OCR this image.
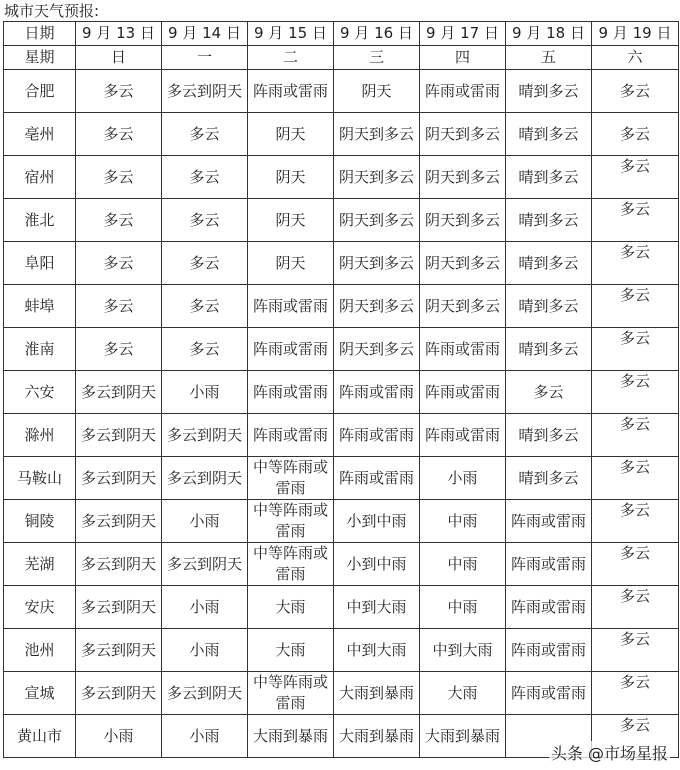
城市天气预报:
日期	9 月 13 日	9 月 14 日	9 月 15 日	9 月 16 日	9 月 17 日	9 月 18 日	9 月 19 日
星期	日	一	二	三	四	五	六
合肥	多云	多云到阴天	阵雨或雷雨	阴天	阵雨或雷雨	晴到多云	多云
亳州	多云	多云	阴天	阴天到多云	阴天到多云	晴到多云	多云
宿州	多云	多云	阴天	阴天到多云	阴天到多云	晴到多云	多云
淮北	多云	多云	阴天	阴天到多云	阴天到多云	晴到多云	多云
阜阳	多云	多云	阴天	阴天到多云	阴天到多云	晴到多云	多云
蚌埠	多云	多云	阵雨或雷雨	阴天到多云	阴天到多云	晴到多云	多云
淮南	多云	多云	阵雨或雷雨	阴天到多云	阵雨或雷雨	晴到多云	多云
六安	多云到阴天	小雨	阵雨或雷雨	阵雨或雷雨	阵雨或雷雨	多云	多云
滁州	多云到阴天	多云到阴天	阵雨或雷雨	阵雨或雷雨	阵雨或雷雨	晴到多云	多云
马鞍山	多云到阴天	多云到阴天	中等阵雨或雷雨	阵雨或雷雨	小雨	晴到多云	多云
铜陵	多云到阴天	小雨	中等阵雨或雷雨	小到中雨	中雨	阵雨或雷雨	多云
芜湖	多云到阴天	多云到阴天	中等阵雨或雷雨	小到中雨	中雨	阵雨或雷雨	多云
安庆	多云到阴天	小雨	大雨	中到大雨	中雨	阵雨或雷雨	多云
池州	多云到阴天	小雨	大雨	中到大雨	中到大雨	阵雨或雷雨	多云
宣城	多云到阴天	多云到阴天	中等阵雨或雷雨	大雨到暴雨	大雨	阵雨或雷雨	多云
黄山市	小雨	小雨	大雨到暴雨	大雨到暴雨	大雨到暴雨		多云
头条 @市场星报
